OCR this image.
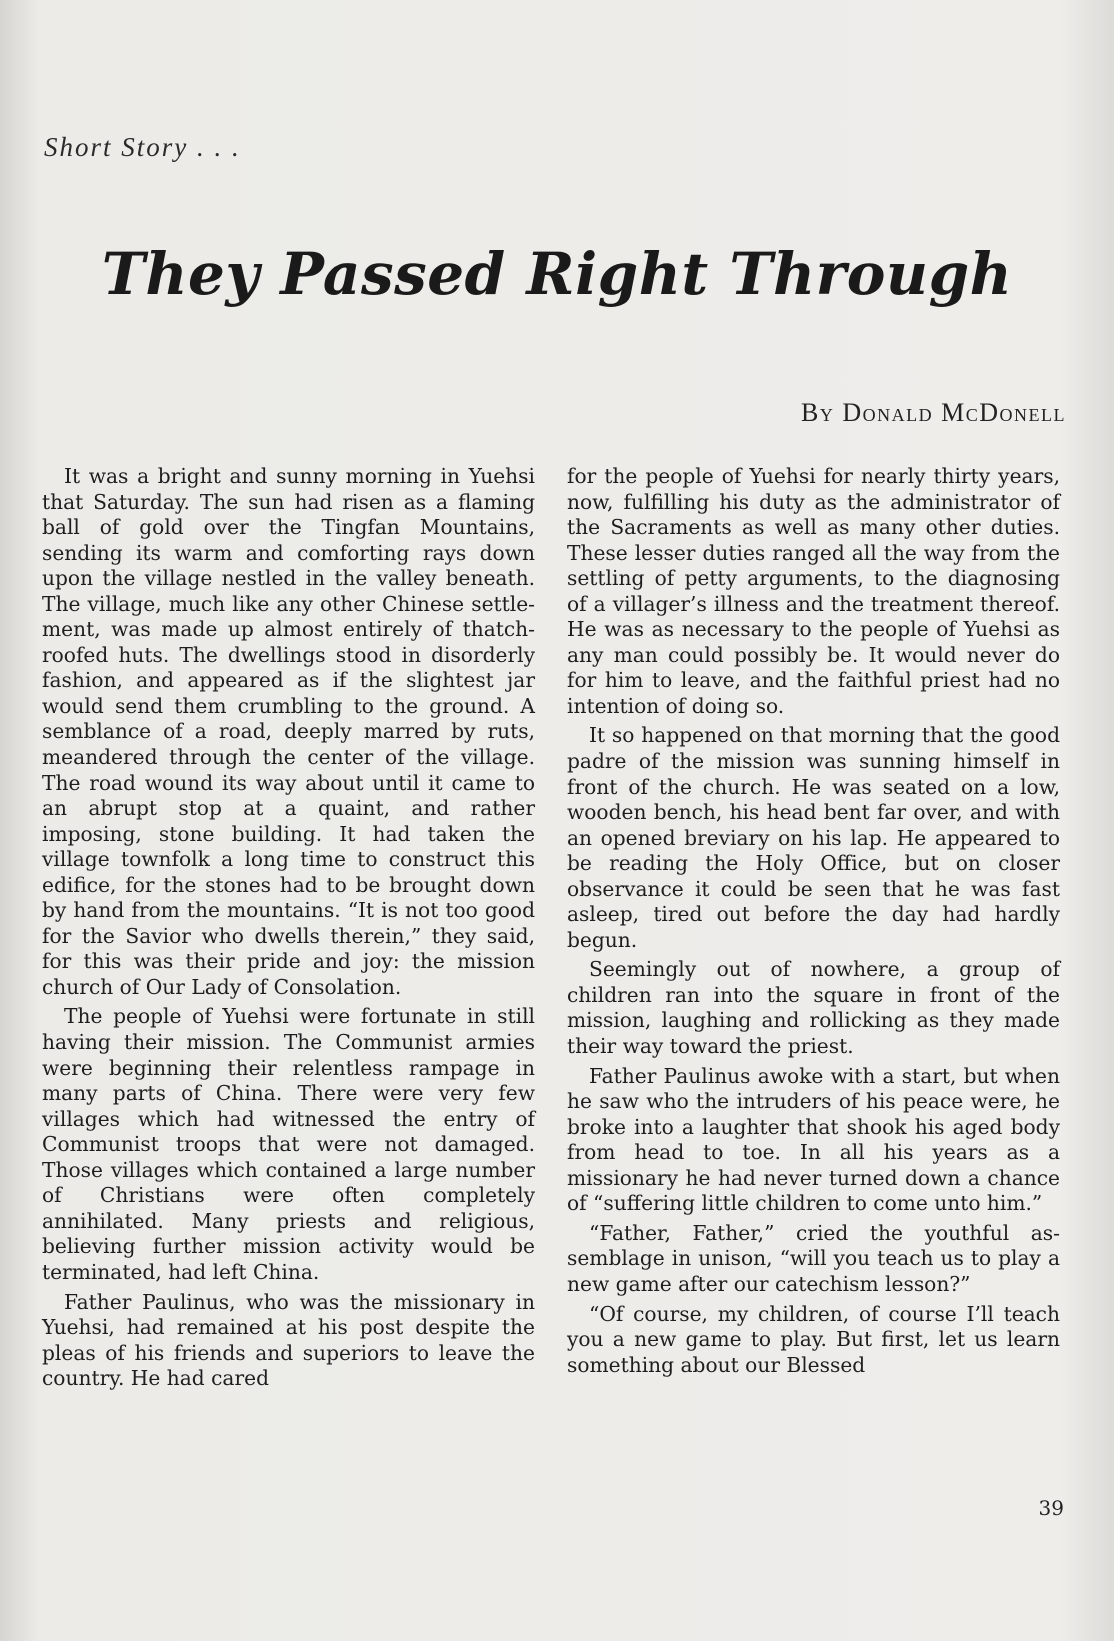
Short Story . . .
They Passed Right Through
By Donald McDonell

It was a bright and sunny morning in Yuehsi that Saturday. The sun had risen as a flaming ball of gold over the Tingfan Mountains, sending its warm and comforting rays down upon the village nestled in the valley beneath. The village, much like any other Chinese settlement, was made up almost entirely of thatch-roofed huts. The dwellings stood in disorderly fashion, and appeared as if the slightest jar would send them crumbling to the ground. A semblance of a road, deeply marred by ruts, meandered through the center of the village. The road wound its way about until it came to an abrupt stop at a quaint, and rather imposing, stone building. It had taken the village townfolk a long time to construct this edifice, for the stones had to be brought down by hand from the mountains. “It is not too good for the Savior who dwells therein,” they said, for this was their pride and joy: the mission church of Our Lady of Consolation.

The people of Yuehsi were fortunate in still having their mission. The Communist armies were beginning their relentless rampage in many parts of China. There were very few villages which had witnessed the entry of Communist troops that were not damaged. Those villages which contained a large number of Christians were often completely annihilated. Many priests and religious, believing further mission activity would be terminated, had left China.

Father Paulinus, who was the missionary in Yuehsi, had remained at his post despite the pleas of his friends and superiors to leave the country. He had cared

for the people of Yuehsi for nearly thirty years, now, fulfilling his duty as the administrator of the Sacraments as well as many other duties. These lesser duties ranged all the way from the settling of petty arguments, to the diagnosing of a villager’s illness and the treatment thereof. He was as necessary to the people of Yuehsi as any man could possibly be. It would never do for him to leave, and the faithful priest had no intention of doing so.

It so happened on that morning that the good padre of the mission was sunning himself in front of the church. He was seated on a low, wooden bench, his head bent far over, and with an opened breviary on his lap. He appeared to be reading the Holy Office, but on closer observance it could be seen that he was fast asleep, tired out before the day had hardly begun.

Seemingly out of nowhere, a group of children ran into the square in front of the mission, laughing and rollicking as they made their way toward the priest.

Father Paulinus awoke with a start, but when he saw who the intruders of his peace were, he broke into a laughter that shook his aged body from head to toe. In all his years as a missionary he had never turned down a chance of “suffering little children to come unto him.”

“Father, Father,” cried the youthful assemblage in unison, “will you teach us to play a new game after our catechism lesson?”

“Of course, my children, of course I’ll teach you a new game to play. But first, let us learn something about our Blessed

39
